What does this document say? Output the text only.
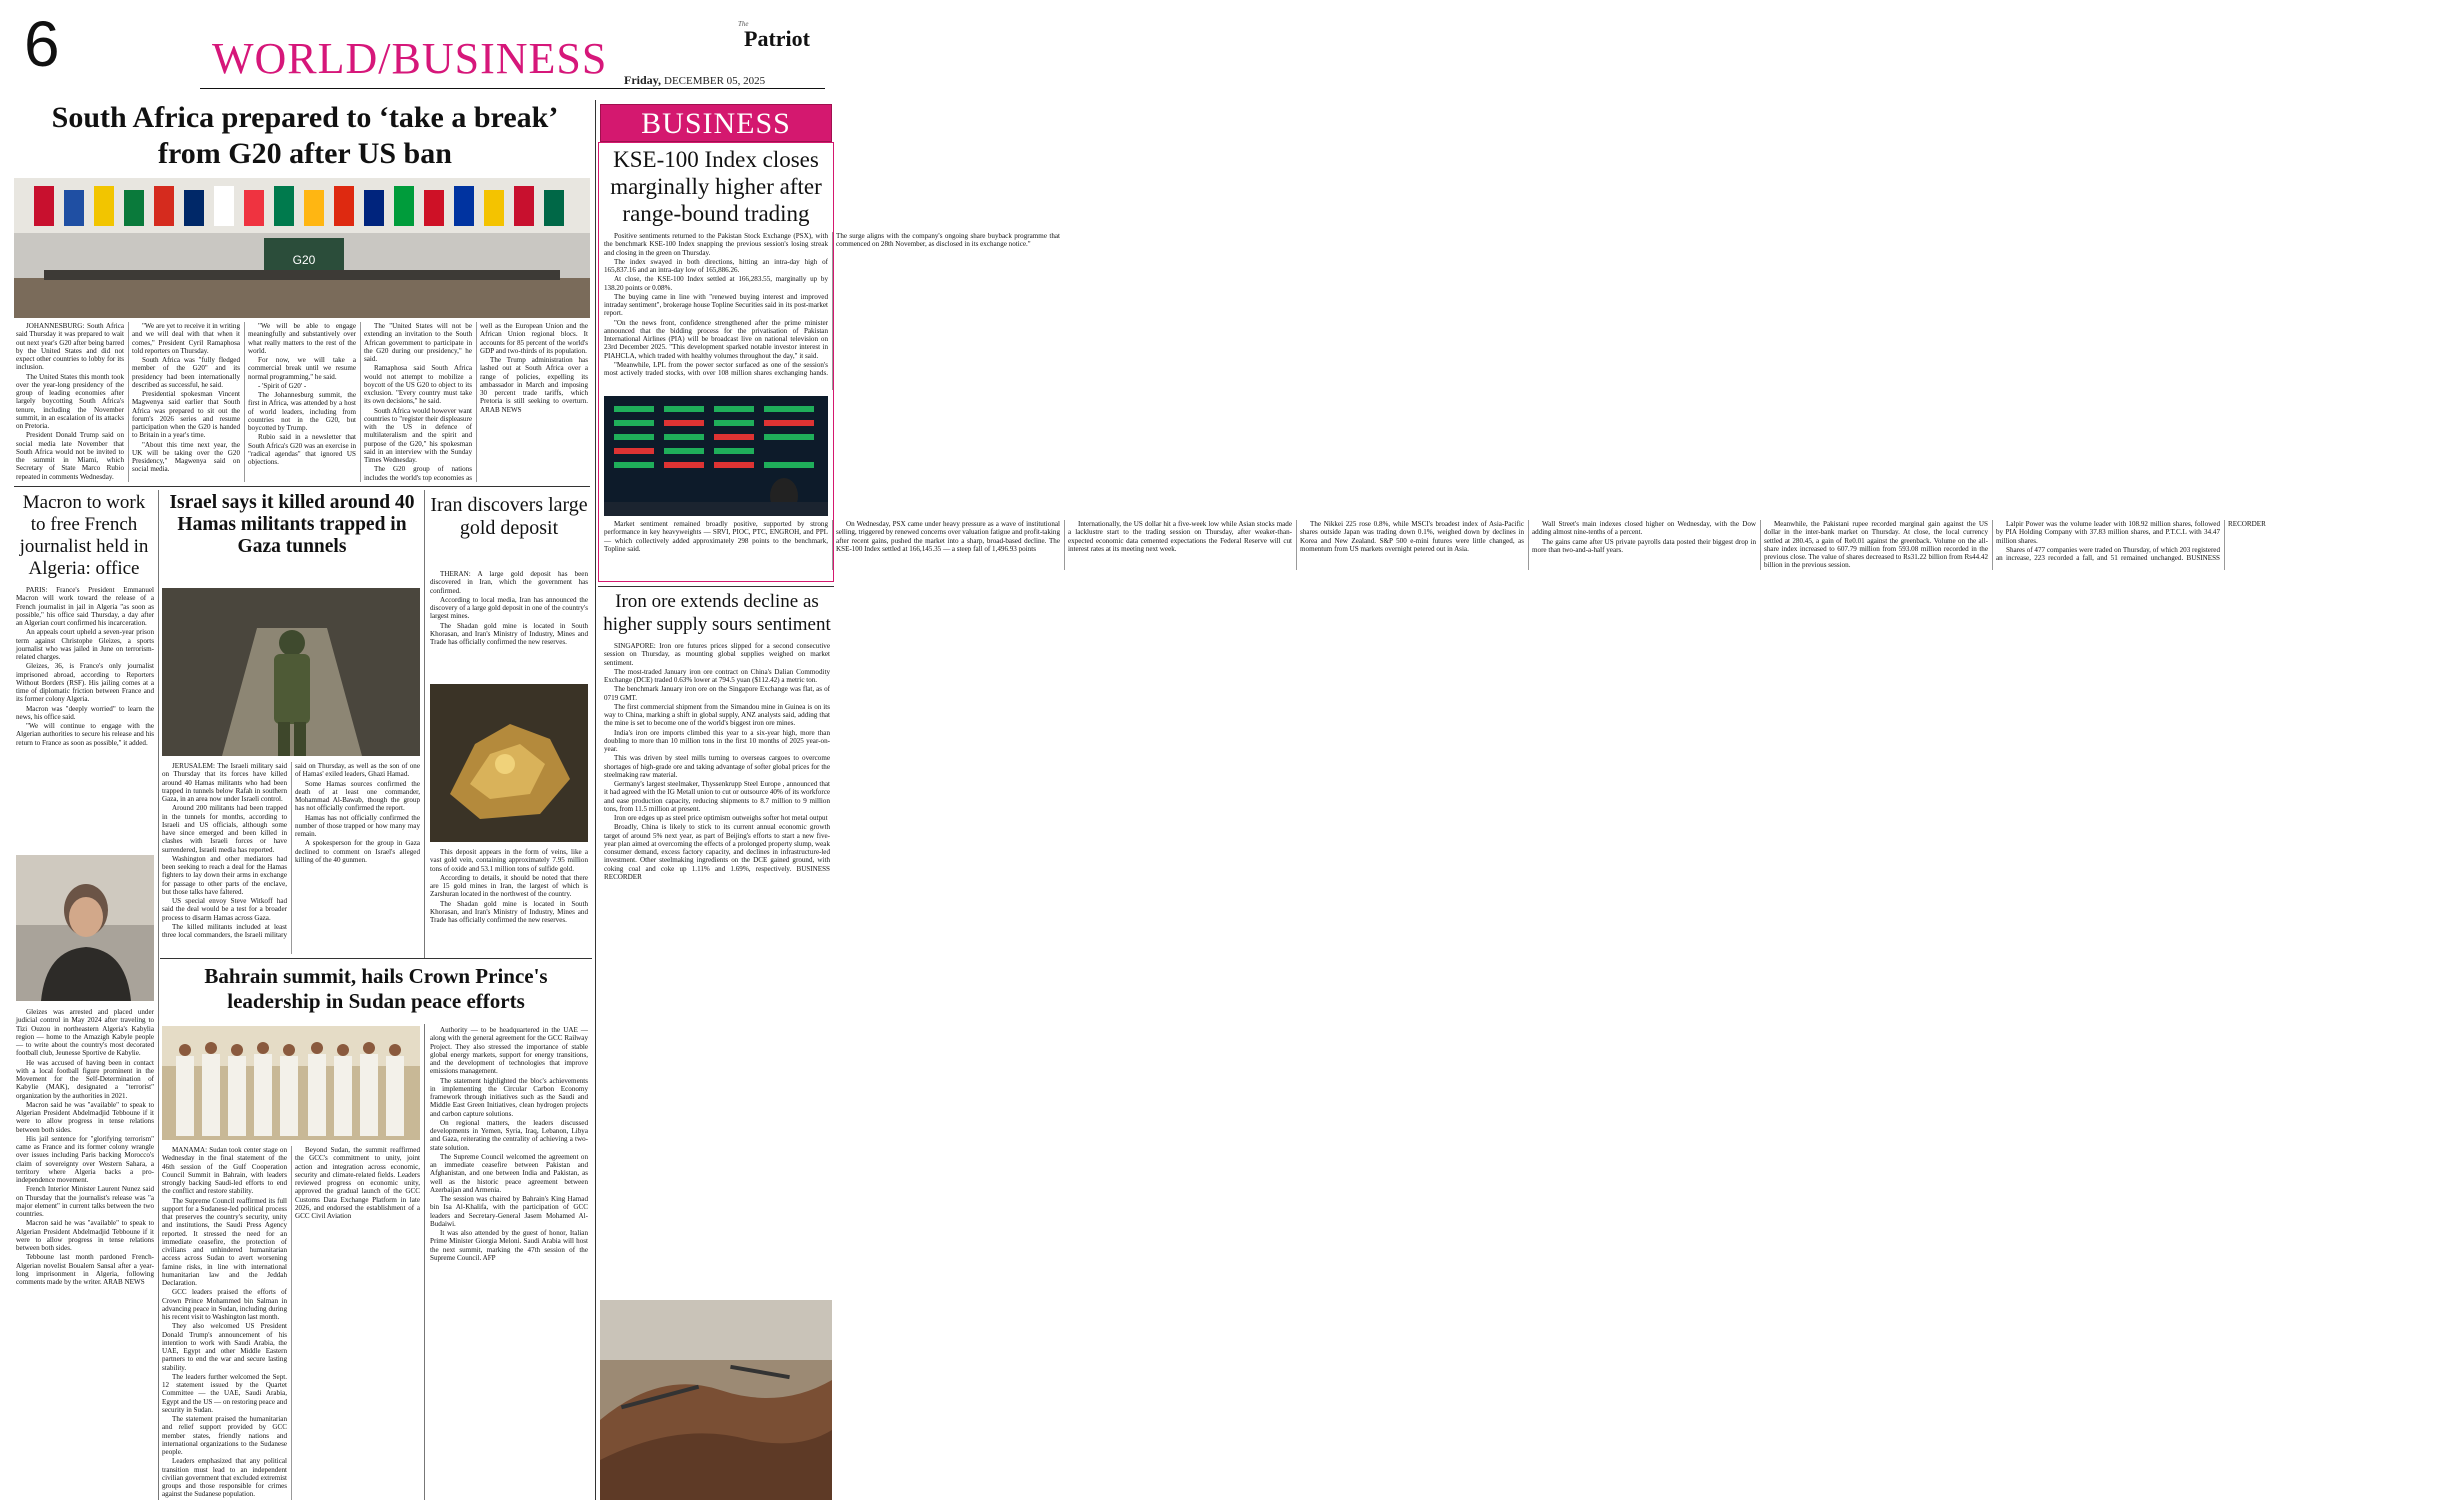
6	WORLD/BUSINESS
The
Patriot
Friday, DECEMBER 05, 2025
South Africa prepared to ‘take a break’ from G20 after US ban
G20

JOHANNESBURG: South Africa said Thursday it was prepared to wait out next year's G20 after being barred by the United States and did not expect other countries to lobby for its inclusion.

The United States this month took over the year-long presidency of the group of leading economies after largely boycotting South Africa's tenure, including the November summit, in an escalation of its attacks on Pretoria.

President Donald Trump said on social media late November that South Africa would not be invited to the summit in Miami, which Secretary of State Marco Rubio repeated in comments Wednesday.

"We are yet to receive it in writing and we will deal with that when it comes," President Cyril Ramaphosa told reporters on Thursday.

South Africa was "fully fledged member of the G20" and its presidency had been internationally described as successful, he said.

Presidential spokesman Vincent Magwenya said earlier that South Africa was prepared to sit out the forum's 2026 series and resume participation when the G20 is handed to Britain in a year's time.

"About this time next year, the UK will be taking over the G20 Presidency," Magwenya said on social media.

"We will be able to engage meaningfully and substantively over what really matters to the rest of the world.

For now, we will take a commercial break until we resume normal programming," he said.

- 'Spirit of G20' -

The Johannesburg summit, the first in Africa, was attended by a host of world leaders, including from countries not in the G20, but boycotted by Trump.

Rubio said in a newsletter that South Africa's G20 was an exercise in "radical agendas" that ignored US objections.

The "United States will not be extending an invitation to the South African government to participate in the G20 during our presidency," he said.

Ramaphosa said South Africa would not attempt to mobilize a boycott of the US G20 to object to its exclusion. "Every country must take its own decisions," he said.

South Africa would however want countries to "register their displeasure with the US in defence of multilateralism and the spirit and purpose of the G20," his spokesman said in an interview with the Sunday Times Wednesday.

The G20 group of nations includes the world's top economies as well as the European Union and the African Union regional blocs. It accounts for 85 percent of the world's GDP and two-thirds of its population.

The Trump administration has lashed out at South Africa over a range of policies, expelling its ambassador in March and imposing 30 percent trade tariffs, which Pretoria is still seeking to overturn. ARAB NEWS

Macron to work to free French journalist held in Algeria: office

PARIS: France's President Emmanuel Macron will work toward the release of a French journalist in jail in Algeria "as soon as possible," his office said Thursday, a day after an Algerian court confirmed his incarceration.

An appeals court upheld a seven-year prison term against Christophe Gleizes, a sports journalist who was jailed in June on terrorism-related charges.

Gleizes, 36, is France's only journalist imprisoned abroad, according to Reporters Without Borders (RSF). His jailing comes at a time of diplomatic friction between France and its former colony Algeria.

Macron was "deeply worried" to learn the news, his office said.

"We will continue to engage with the Algerian authorities to secure his release and his return to France as soon as possible," it added.

Gleizes was arrested and placed under judicial control in May 2024 after traveling to Tizi Ouzou in northeastern Algeria's Kabylia region — home to the Amazigh Kabyle people — to write about the country's most decorated football club, Jeunesse Sportive de Kabylie.

He was accused of having been in contact with a local football figure prominent in the Movement for the Self-Determination of Kabylie (MAK), designated a "terrorist" organization by the authorities in 2021.

Macron said he was "available" to speak to Algerian President Abdelmadjid Tebboune if it were to allow progress in tense relations between both sides.

His jail sentence for "glorifying terrorism" came as France and its former colony wrangle over issues including Paris backing Morocco's claim of sovereignty over Western Sahara, a territory where Algeria backs a pro-independence movement.

French Interior Minister Laurent Nunez said on Thursday that the journalist's release was "a major element" in current talks between the two countries.

Macron said he was "available" to speak to Algerian President Abdelmadjid Tebboune if it were to allow progress in tense relations between both sides.

Tebboune last month pardoned French-Algerian novelist Boualem Sansal after a year-long imprisonment in Algeria, following comments made by the writer. ARAB NEWS

Israel says it killed around 40 Hamas militants trapped in Gaza tunnels

JERUSALEM: The Israeli military said on Thursday that its forces have killed around 40 Hamas militants who had been trapped in tunnels below Rafah in southern Gaza, in an area now under Israeli control.

Around 200 militants had been trapped in the tunnels for months, according to Israeli and US officials, although some have since emerged and been killed in clashes with Israeli forces or have surrendered, Israeli media has reported.

Washington and other mediators had been seeking to reach a deal for the Hamas fighters to lay down their arms in exchange for passage to other parts of the enclave, but those talks have faltered.

US special envoy Steve Witkoff had said the deal would be a test for a broader process to disarm Hamas across Gaza.

The killed militants included at least three local commanders, the Israeli military said on Thursday, as well as the son of one of Hamas' exiled leaders, Ghazi Hamad.

Some Hamas sources confirmed the death of at least one commander, Mohammad Al-Bawab, though the group has not officially confirmed the report.

Hamas has not officially confirmed the number of those trapped or how many may remain.

A spokesperson for the group in Gaza declined to comment on Israel's alleged killing of the 40 gunmen.

Iran discovers large gold deposit

THERAN: A large gold deposit has been discovered in Iran, which the government has confirmed.

According to local media, Iran has announced the discovery of a large gold deposit in one of the country's largest mines.

The Shadan gold mine is located in South Khorasan, and Iran's Ministry of Industry, Mines and Trade has officially confirmed the new reserves.

This deposit appears in the form of veins, like a vast gold vein, containing approximately 7.95 million tons of oxide and 53.1 million tons of sulfide gold.

According to details, it should be noted that there are 15 gold mines in Iran, the largest of which is Zarshuran located in the northwest of the country.

The Shadan gold mine is located in South Khorasan, and Iran's Ministry of Industry, Mines and Trade has officially confirmed the new reserves.

Bahrain summit, hails Crown Prince's leadership in Sudan peace efforts

MANAMA: Sudan took center stage on Wednesday in the final statement of the 46th session of the Gulf Cooperation Council Summit in Bahrain, with leaders strongly backing Saudi-led efforts to end the conflict and restore stability.

The Supreme Council reaffirmed its full support for a Sudanese-led political process that preserves the country's security, unity and institutions, the Saudi Press Agency reported. It stressed the need for an immediate ceasefire, the protection of civilians and unhindered humanitarian access across Sudan to avert worsening famine risks, in line with international humanitarian law and the Jeddah Declaration.

GCC leaders praised the efforts of Crown Prince Mohammed bin Salman in advancing peace in Sudan, including during his recent visit to Washington last month.

They also welcomed US President Donald Trump's announcement of his intention to work with Saudi Arabia, the UAE, Egypt and other Middle Eastern partners to end the war and secure lasting stability.

The leaders further welcomed the Sept. 12 statement issued by the Quartet Committee — the UAE, Saudi Arabia, Egypt and the US — on restoring peace and security in Sudan.

The statement praised the humanitarian and relief support provided by GCC member states, friendly nations and international organizations to the Sudanese people.

Leaders emphasized that any political transition must lead to an independent civilian government that excluded extremist groups and those responsible for crimes against the Sudanese population.

Beyond Sudan, the summit reaffirmed the GCC's commitment to unity, joint action and integration across economic, security and climate-related fields. Leaders reviewed progress on economic unity, approved the gradual launch of the GCC Customs Data Exchange Platform in late 2026, and endorsed the establishment of a GCC Civil Aviation

Authority — to be headquartered in the UAE — along with the general agreement for the GCC Railway Project. They also stressed the importance of stable global energy markets, support for energy transitions, and the development of technologies that improve emissions management.

The statement highlighted the bloc's achievements in implementing the Circular Carbon Economy framework through initiatives such as the Saudi and Middle East Green Initiatives, clean hydrogen projects and carbon capture solutions.

On regional matters, the leaders discussed developments in Yemen, Syria, Iraq, Lebanon, Libya and Gaza, reiterating the centrality of achieving a two-state solution.

The Supreme Council welcomed the agreement on an immediate ceasefire between Pakistan and Afghanistan, and one between India and Pakistan, as well as the historic peace agreement between Azerbaijan and Armenia.

The session was chaired by Bahrain's King Hamad bin Isa Al-Khalifa, with the participation of GCC leaders and Secretary-General Jasem Mohamed Al-Budaiwi.

It was also attended by the guest of honor, Italian Prime Minister Giorgia Meloni. Saudi Arabia will host the next summit, marking the 47th session of the Supreme Council. AFP

BUSINESS
KSE-100 Index closes marginally higher after range-bound trading

Positive sentiments returned to the Pakistan Stock Exchange (PSX), with the benchmark KSE-100 Index snapping the previous session's losing streak and closing in the green on Thursday.

The index swayed in both directions, hitting an intra-day high of 165,837.16 and an intra-day low of 165,886.26.

At close, the KSE-100 Index settled at 166,283.55, marginally up by 138.20 points or 0.08%.

The buying came in line with "renewed buying interest and improved intraday sentiment", brokerage house Topline Securities said in its post-market report.

"On the news front, confidence strengthened after the prime minister announced that the bidding process for the privatisation of Pakistan International Airlines (PIA) will be broadcast live on national television on 23rd December 2025. "This development sparked notable investor interest in PIAHCLA, which traded with healthy volumes throughout the day," it said.

"Meanwhile, LPL from the power sector surfaced as one of the session's most actively traded stocks, with over 108 million shares exchanging hands. The surge aligns with the company's ongoing share buyback programme that commenced on 28th November, as disclosed in its exchange notice."

Market sentiment remained broadly positive, supported by strong performance in key heavyweights — SRVI, PIOC, PTC, ENGROH, and PPL — which collectively added approximately 298 points to the benchmark, Topline said.

On Wednesday, PSX came under heavy pressure as a wave of institutional selling, triggered by renewed concerns over valuation fatigue and profit-taking after recent gains, pushed the market into a sharp, broad-based decline. The KSE-100 Index settled at 166,145.35 — a steep fall of 1,496.93 points

Internationally, the US dollar hit a five-week low while Asian stocks made a lacklustre start to the trading session on Thursday, after weaker-than-expected economic data cemented expectations the Federal Reserve will cut interest rates at its meeting next week.

The Nikkei 225 rose 0.8%, while MSCI's broadest index of Asia-Pacific shares outside Japan was trading down 0.1%, weighed down by declines in Korea and New Zealand. S&P 500 e-mini futures were little changed, as momentum from US markets overnight petered out in Asia.

Wall Street's main indexes closed higher on Wednesday, with the Dow adding almost nine-tenths of a percent.

The gains came after US private payrolls data posted their biggest drop in more than two-and-a-half years.

Meanwhile, the Pakistani rupee recorded marginal gain against the US dollar in the inter-bank market on Thursday. At close, the local currency settled at 280.45, a gain of Re0.01 against the greenback. Volume on the all-share index increased to 607.79 million from 593.08 million recorded in the previous close. The value of shares decreased to Rs31.22 billion from Rs44.42 billion in the previous session.

Lalpir Power was the volume leader with 108.92 million shares, followed by PIA Holding Company with 37.83 million shares, and P.T.C.L with 34.47 million shares.

Shares of 477 companies were traded on Thursday, of which 203 registered an increase, 223 recorded a fall, and 51 remained unchanged. BUSINESS RECORDER

Iron ore extends decline as higher supply sours sentiment

SINGAPORE: Iron ore futures prices slipped for a second consecutive session on Thursday, as mounting global supplies weighed on market sentiment.

The most-traded January iron ore contract on China's Dalian Commodity Exchange (DCE) traded 0.63% lower at 794.5 yuan ($112.42) a metric ton.

The benchmark January iron ore on the Singapore Exchange was flat, as of 0719 GMT.

The first commercial shipment from the Simandou mine in Guinea is on its way to China, marking a shift in global supply, ANZ analysts said, adding that the mine is set to become one of the world's biggest iron ore mines.

India's iron ore imports climbed this year to a six-year high, more than doubling to more than 10 million tons in the first 10 months of 2025 year-on-year.

This was driven by steel mills turning to overseas cargoes to overcome shortages of high-grade ore and taking advantage of softer global prices for the steelmaking raw material.

Germany's largest steelmaker, Thyssenkrupp Steel Europe , announced that it had agreed with the IG Metall union to cut or outsource 40% of its workforce and ease production capacity, reducing shipments to 8.7 million to 9 million tons, from 11.5 million at present.

Iron ore edges up as steel price optimism outweighs softer hot metal output

Broadly, China is likely to stick to its current annual economic growth target of around 5% next year, as part of Beijing's efforts to start a new five-year plan aimed at overcoming the effects of a prolonged property slump, weak consumer demand, excess factory capacity, and declines in infrastructure-led investment. Other steelmaking ingredients on the DCE gained ground, with coking coal and coke up 1.11% and 1.69%, respectively. BUSINESS RECORDER
